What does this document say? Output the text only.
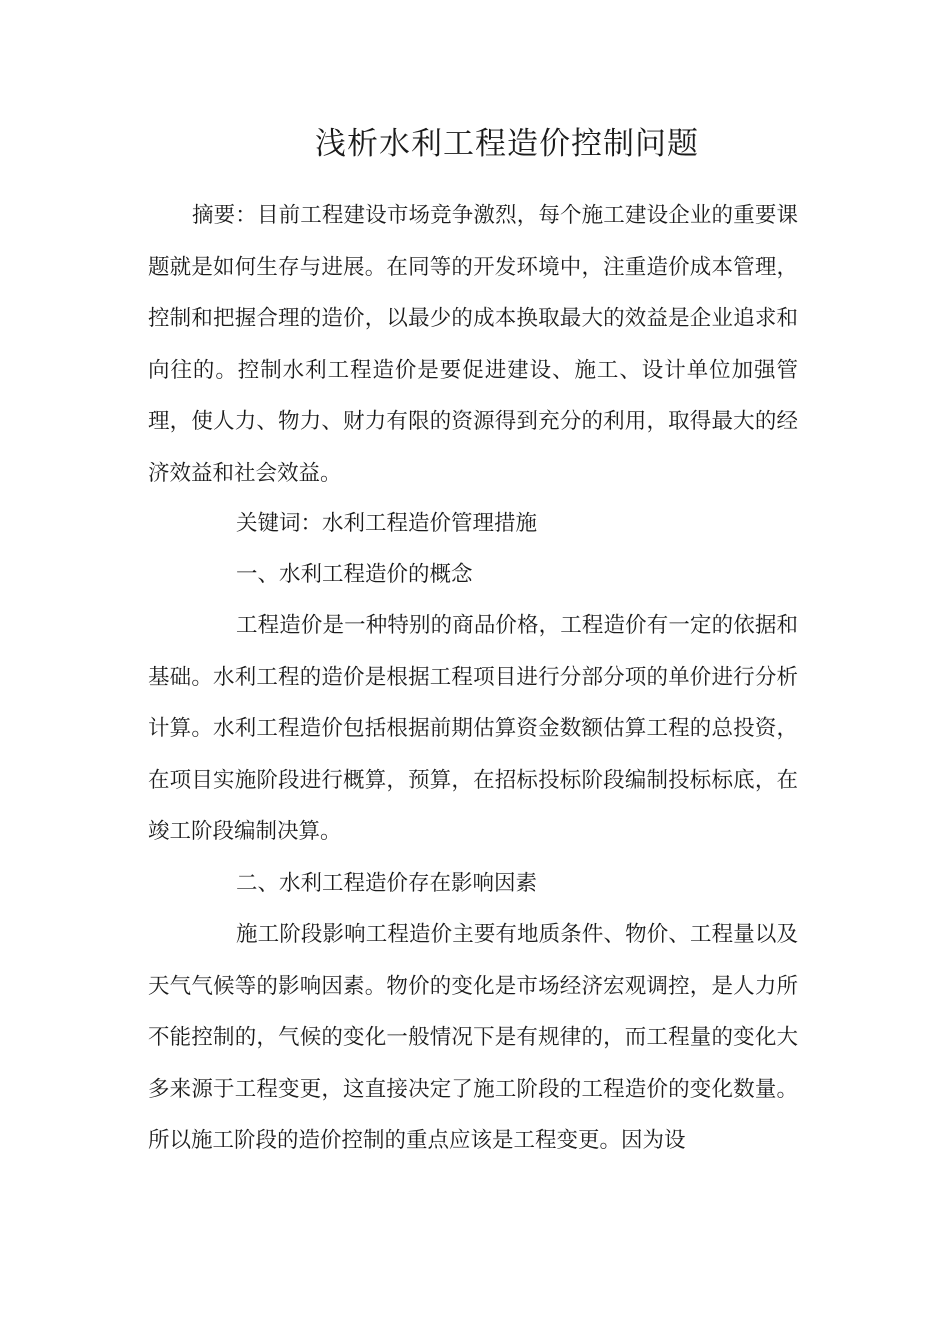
浅析水利工程造价控制问题

摘要：目前工程建设市场竞争激烈，每个施工建设企业的重要课题就是如何生存与进展。在同等的开发环境中，注重造价成本管理，控制和把握合理的造价，以最少的成本换取最大的效益是企业追求和向往的。控制水利工程造价是要促进建设、施工、设计单位加强管理，使人力、物力、财力有限的资源得到充分的利用，取得最大的经济效益和社会效益。

关键词：水利工程造价管理措施

一、水利工程造价的概念

工程造价是一种特别的商品价格，工程造价有一定的依据和基础。水利工程的造价是根据工程项目进行分部分项的单价进行分析计算。水利工程造价包括根据前期估算资金数额估算工程的总投资，在项目实施阶段进行概算，预算，在招标投标阶段编制投标标底，在竣工阶段编制决算。

二、水利工程造价存在影响因素

施工阶段影响工程造价主要有地质条件、物价、工程量以及天气气候等的影响因素。物价的变化是市场经济宏观调控，是人力所不能控制的，气候的变化一般情况下是有规律的，而工程量的变化大多来源于工程变更，这直接决定了施工阶段的工程造价的变化数量。所以施工阶段的造价控制的重点应该是工程变更。因为设
